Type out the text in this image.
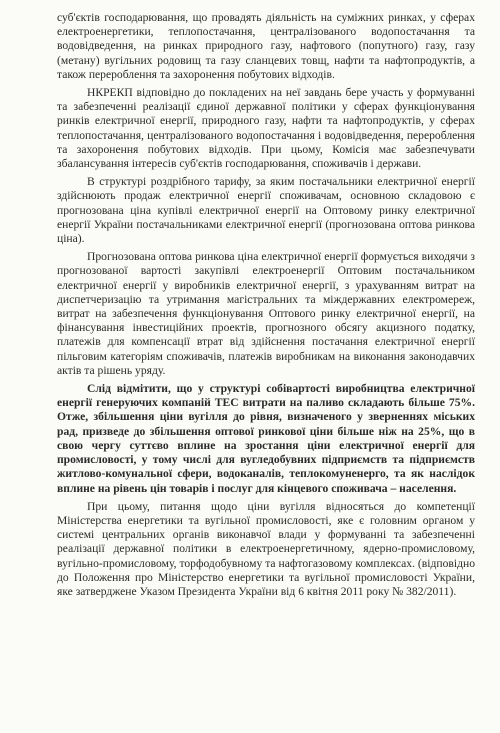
суб'єктів господарювання, що провадять діяльність на суміжних ринках, у сферах електроенергетики, теплопостачання, централізованого водопостачання та водовідведення, на ринках природного газу, нафтового (попутного) газу, газу (метану) вугільних родовищ та газу сланцевих товщ, нафти та нафтопродуктів, а також перероблення та захоронення побутових відходів.

НКРЕКП відповідно до покладених на неї завдань бере участь у формуванні та забезпеченні реалізації єдиної державної політики у сферах функціонування ринків електричної енергії, природного газу, нафти та нафтопродуктів, у сферах теплопостачання, централізованого водопостачання і водовідведення, перероблення та захоронення побутових відходів. При цьому, Комісія має забезпечувати збалансування інтересів суб'єктів господарювання, споживачів і держави.

В структурі роздрібного тарифу, за яким постачальники електричної енергії здійснюють продаж електричної енергії споживачам, основною складовою є прогнозована ціна купівлі електричної енергії на Оптовому ринку електричної енергії України постачальниками електричної енергії (прогнозована оптова ринкова ціна).

Прогнозована оптова ринкова ціна електричної енергії формується виходячи з прогнозованої вартості закупівлі електроенергії Оптовим постачальником електричної енергії у виробників електричної енергії, з урахуванням витрат на диспетчеризацію та утримання магістральних та міждержавних електромереж, витрат на забезпечення функціонування Оптового ринку електричної енергії, на фінансування інвестиційних проектів, прогнозного обсягу акцизного податку, платежів для компенсації втрат від здійснення постачання електричної енергії пільговим категоріям споживачів, платежів виробникам на виконання законодавчих актів та рішень уряду.

Слід відмітити, що у структурі собівартості виробництва електричної енергії генеруючих компаній ТЕС витрати на паливо складають більше 75%. Отже, збільшення ціни вугілля до рівня, визначеного у зверненнях міських рад, призведе до збільшення оптової ринкової ціни більше ніж на 25%, що в свою чергу суттєво вплине на зростання ціни електричної енергії для промисловості, у тому числі для вугледобувних підприємств та підприємств житлово-комунальної сфери, водоканалів, теплокомуненерго, та як наслідок вплине на рівень цін товарів і послуг для кінцевого споживача – населення.

При цьому, питання щодо ціни вугілля відносяться до компетенції Міністерства енергетики та вугільної промисловості, яке є головним органом у системі центральних органів виконавчої влади у формуванні та забезпеченні реалізації державної політики в електроенергетичному, ядерно-промисловому, вугільно-промисловому, торфодобувному та нафтогазовому комплексах. (відповідно до Положення про Міністерство енергетики та вугільної промисловості України, яке затверджене Указом Президента України від 6 квітня 2011 року № 382/2011).
